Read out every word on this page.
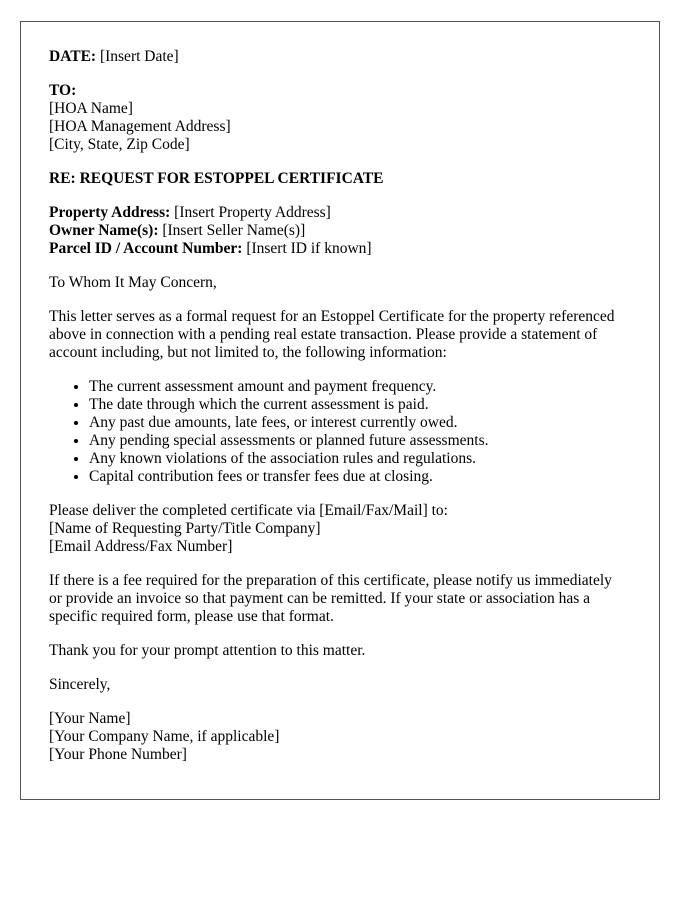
DATE: [Insert Date]
TO:
[HOA Name]
[HOA Management Address]
[City, State, Zip Code]
RE: REQUEST FOR ESTOPPEL CERTIFICATE
Property Address: [Insert Property Address]
Owner Name(s): [Insert Seller Name(s)]
Parcel ID / Account Number: [Insert ID if known]
To Whom It May Concern,
This letter serves as a formal request for an Estoppel Certificate for the property referenced
above in connection with a pending real estate transaction. Please provide a statement of
account including, but not limited to, the following information:
• The current assessment amount and payment frequency.
• The date through which the current assessment is paid.
• Any past due amounts, late fees, or interest currently owed.
• Any pending special assessments or planned future assessments.
• Any known violations of the association rules and regulations.
• Capital contribution fees or transfer fees due at closing.
Please deliver the completed certificate via [Email/Fax/Mail] to:
[Name of Requesting Party/Title Company]
[Email Address/Fax Number]
If there is a fee required for the preparation of this certificate, please notify us immediately
or provide an invoice so that payment can be remitted. If your state or association has a
specific required form, please use that format.
Thank you for your prompt attention to this matter.
Sincerely,
[Your Name]
[Your Company Name, if applicable]
[Your Phone Number]
